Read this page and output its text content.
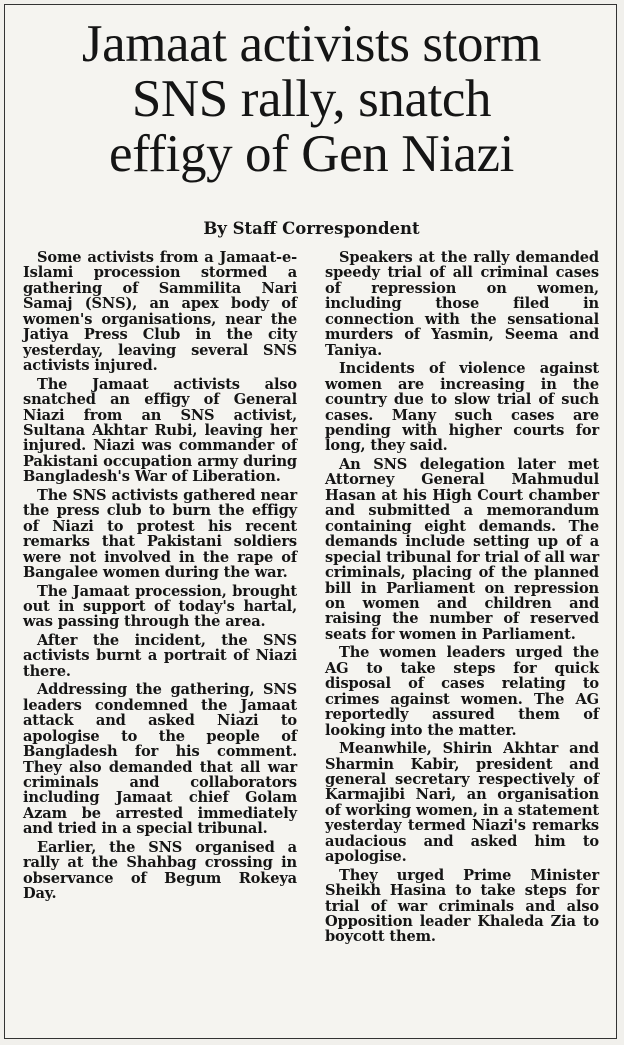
Jamaat activists storm
SNS rally, snatch
effigy of Gen Niazi
By Staff Correspondent

Some activists from a Jamaat-e-Islami procession stormed a gathering of Sammilita Nari Samaj (SNS), an apex body of women's organisations, near the Jatiya Press Club in the city yesterday, leaving several SNS activists injured.

The Jamaat activists also snatched an effigy of General Niazi from an SNS activist, Sultana Akhtar Rubi, leaving her injured. Niazi was commander of Pakistani occupation army during Bangladesh's War of Liberation.

The SNS activists gathered near the press club to burn the effigy of Niazi to protest his recent remarks that Pakistani soldiers were not involved in the rape of Bangalee women during the war.

The Jamaat procession, brought out in support of today's hartal, was passing through the area.

After the incident, the SNS activists burnt a portrait of Niazi there.

Addressing the gathering, SNS leaders condemned the Jamaat attack and asked Niazi to apologise to the people of Bangladesh for his comment. They also demanded that all war criminals and collaborators including Jamaat chief Golam Azam be arrested immediately and tried in a special tribunal.

Earlier, the SNS organised a rally at the Shahbag crossing in observance of Begum Rokeya Day.

Speakers at the rally demanded speedy trial of all criminal cases of repression on women, including those filed in connection with the sensational murders of Yasmin, Seema and Taniya.

Incidents of violence against women are increasing in the country due to slow trial of such cases. Many such cases are pending with higher courts for long, they said.

An SNS delegation later met Attorney General Mahmudul Hasan at his High Court chamber and submitted a memorandum containing eight demands. The demands include setting up of a special tribunal for trial of all war criminals, placing of the planned bill in Parliament on repression on women and children and raising the number of reserved seats for women in Parliament.

The women leaders urged the AG to take steps for quick disposal of cases relating to crimes against women. The AG reportedly assured them of looking into the matter.

Meanwhile, Shirin Akhtar and Sharmin Kabir, president and general secretary respectively of Karmajibi Nari, an organisation of working women, in a statement yesterday termed Niazi's remarks audacious and asked him to apologise.

They urged Prime Minister Sheikh Hasina to take steps for trial of war criminals and also Opposition leader Khaleda Zia to boycott them.
